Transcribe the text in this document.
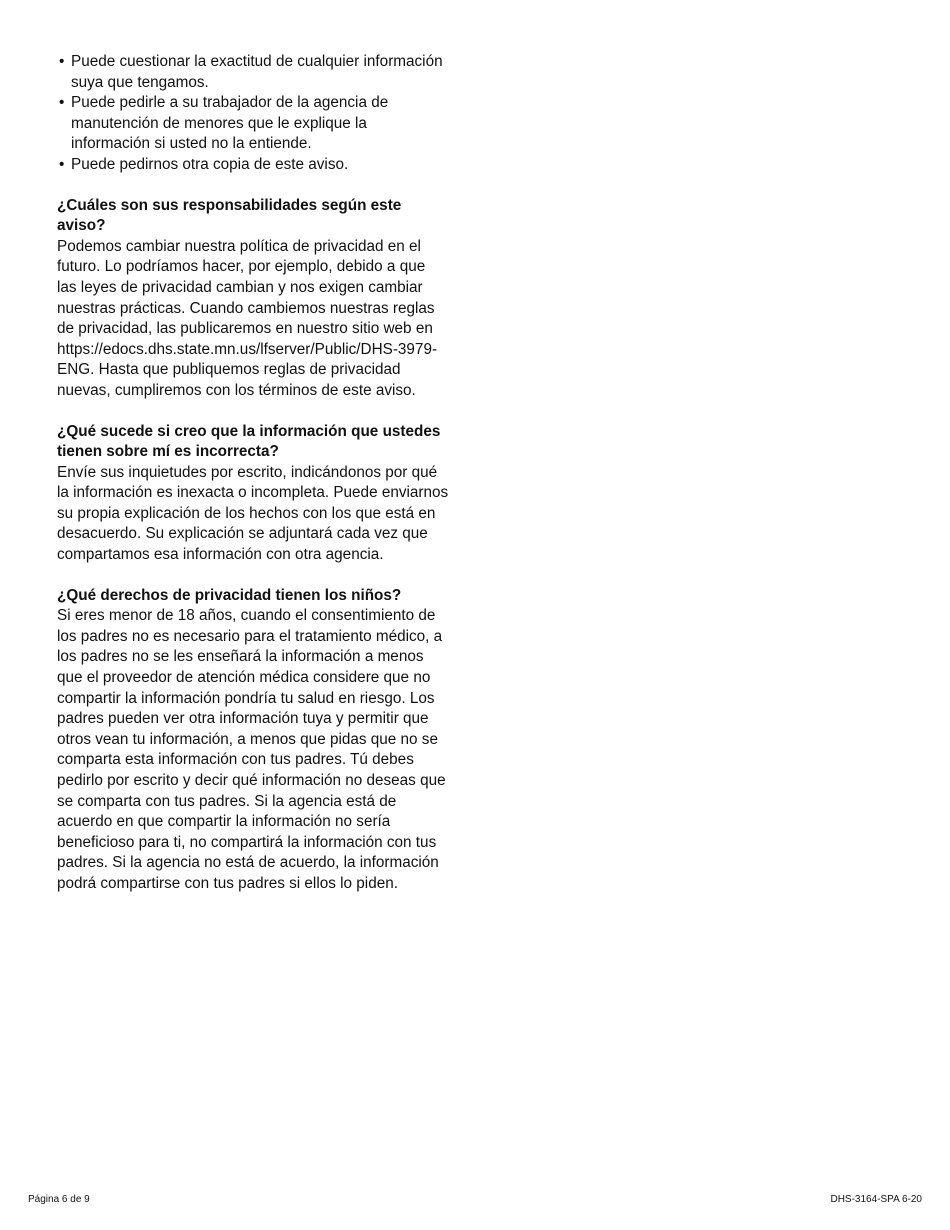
• Puede cuestionar la exactitud de cualquier información suya que tengamos.
• Puede pedirle a su trabajador de la agencia de manutención de menores que le explique la información si usted no la entiende.
• Puede pedirnos otra copia de este aviso.
¿Cuáles son sus responsabilidades según este aviso?

Podemos cambiar nuestra política de privacidad en el futuro. Lo podríamos hacer, por ejemplo, debido a que las leyes de privacidad cambian y nos exigen cambiar nuestras prácticas. Cuando cambiemos nuestras reglas de privacidad, las publicaremos en nuestro sitio web en https://edocs.dhs.state.mn.us/lfserver/Public/DHS-3979-ENG. Hasta que publiquemos reglas de privacidad nuevas, cumpliremos con los términos de este aviso.

¿Qué sucede si creo que la información que ustedes tienen sobre mí es incorrecta?

Envíe sus inquietudes por escrito, indicándonos por qué la información es inexacta o incompleta. Puede enviarnos su propia explicación de los hechos con los que está en desacuerdo. Su explicación se adjuntará cada vez que compartamos esa información con otra agencia.

¿Qué derechos de privacidad tienen los niños?

Si eres menor de 18 años, cuando el consentimiento de los padres no es necesario para el tratamiento médico, a los padres no se les enseñará la información a menos que el proveedor de atención médica considere que no compartir la información pondría tu salud en riesgo. Los padres pueden ver otra información tuya y permitir que otros vean tu información, a menos que pidas que no se comparta esta información con tus padres. Tú debes pedirlo por escrito y decir qué información no deseas que se comparta con tus padres. Si la agencia está de acuerdo en que compartir la información no sería beneficioso para ti, no compartirá la información con tus padres. Si la agencia no está de acuerdo, la información podrá compartirse con tus padres si ellos lo piden.

Página 6 de 9	DHS-3164-SPA 6-20
